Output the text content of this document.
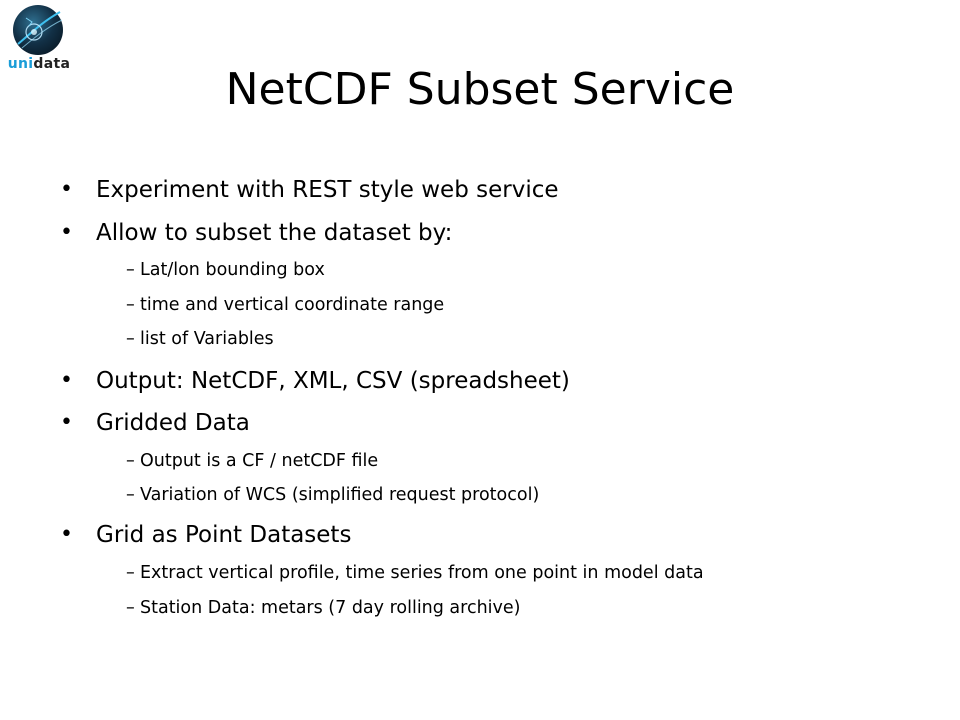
unidata	NetCDF Subset Service
• Experiment with REST style web service
• Allow to subset the dataset by:
– Lat/lon bounding box
– time and vertical coordinate range
– list of Variables
• Output: NetCDF, XML, CSV (spreadsheet)
• Gridded Data
– Output is a CF / netCDF file
– Variation of WCS (simplified request protocol)
• Grid as Point Datasets
– Extract vertical profile, time series from one point in model data
– Station Data: metars (7 day rolling archive)
